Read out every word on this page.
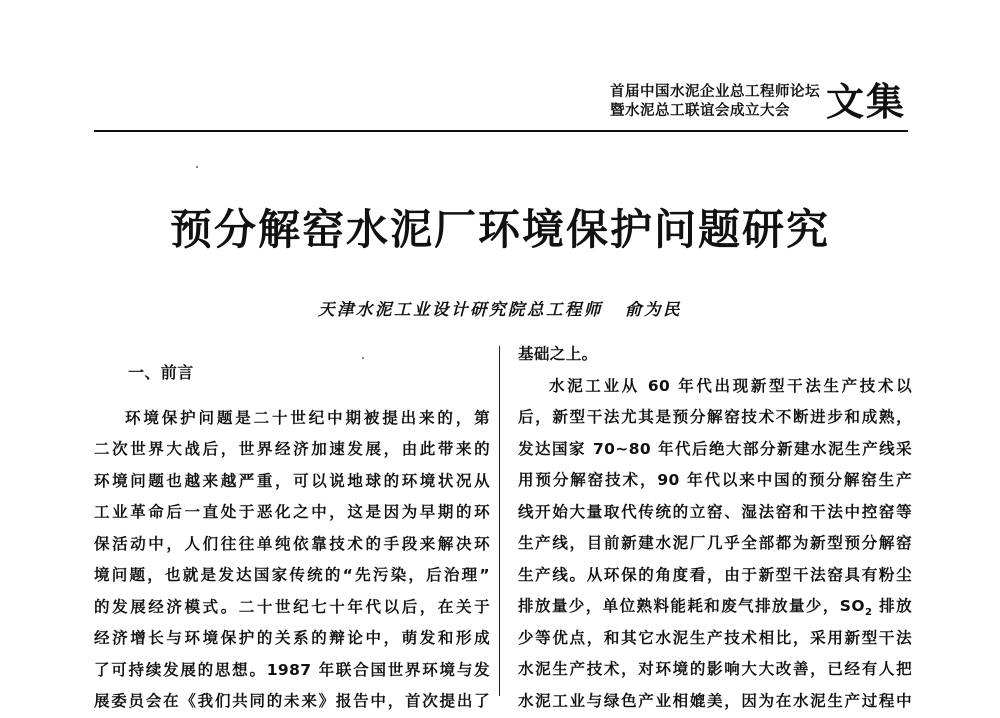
首届中国水泥企业总工程师论坛
暨水泥总工联谊会成立大会 文集
预分解窑水泥厂环境保护问题研究
天津水泥工业设计研究院总工程师 俞为民
一、前言
环境保护问题是二十世纪中期被提出来的，第
二次世界大战后，世界经济加速发展，由此带来的
环境问题也越来越严重，可以说地球的环境状况从
工业革命后一直处于恶化之中，这是因为早期的环
保活动中，人们往往单纯依靠技术的手段来解决环
境问题，也就是发达国家传统的“先污染，后治理”
的发展经济模式。二十世纪七十年代以后，在关于
经济增长与环境保护的关系的辩论中，萌发和形成
了可持续发展的思想。1987 年联合国世界环境与发
展委员会在《我们共同的未来》报告中，首次提出了
基础之上。
水泥工业从 60 年代出现新型干法生产技术以
后，新型干法尤其是预分解窑技术不断进步和成熟，
发达国家 70~80 年代后绝大部分新建水泥生产线采
用预分解窑技术，90 年代以来中国的预分解窑生产
线开始大量取代传统的立窑、湿法窑和干法中控窑等
生产线，目前新建水泥厂几乎全部都为新型预分解窑
生产线。从环保的角度看，由于新型干法窑具有粉尘
排放量少，单位熟料能耗和废气排放量少，$SO_2$ 排放
少等优点，和其它水泥生产技术相比，采用新型干法
水泥生产技术，对环境的影响大大改善，已经有人把
水泥工业与绿色产业相媲美，因为在水泥生产过程中
